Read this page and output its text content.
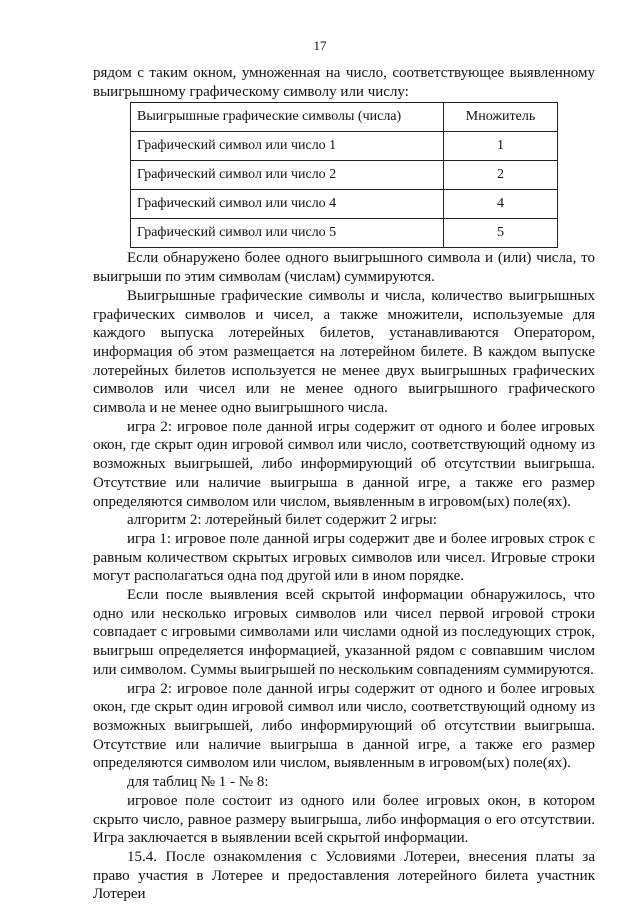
17

рядом с таким окном, умноженная на число, соответствующее выявленному выигрышному графическому символу или числу:

Выигрышные графические символы (числа)	Множитель
Графический символ или число 1	1
Графический символ или число 2	2
Графический символ или число 4	4
Графический символ или число 5	5

Если обнаружено более одного выигрышного символа и (или) числа, то выигрыши по этим символам (числам) суммируются.

Выигрышные графические символы и числа, количество выигрышных графических символов и чисел, а также множители, используемые для каждого выпуска лотерейных билетов, устанавливаются Оператором, информация об этом размещается на лотерейном билете. В каждом выпуске лотерейных билетов используется не менее двух выигрышных графических символов или чисел или не менее одного выигрышного графического символа и не менее одно выигрышного числа.

игра 2: игровое поле данной игры содержит от одного и более игровых окон, где скрыт один игровой символ или число, соответствующий одному из возможных выигрышей, либо информирующий об отсутствии выигрыша. Отсутствие или наличие выигрыша в данной игре, а также его размер определяются символом или числом, выявленным в игровом(ых) поле(ях).

алгоритм 2: лотерейный билет содержит 2 игры:

игра 1: игровое поле данной игры содержит две и более игровых строк с равным количеством скрытых игровых символов или чисел. Игровые строки могут располагаться одна под другой или в ином порядке.

Если после выявления всей скрытой информации обнаружилось, что одно или несколько игровых символов или чисел первой игровой строки совпадает с игровыми символами или числами одной из последующих строк, выигрыш определяется информацией, указанной рядом с совпавшим числом или символом. Суммы выигрышей по нескольким совпадениям суммируются.

игра 2: игровое поле данной игры содержит от одного и более игровых окон, где скрыт один игровой символ или число, соответствующий одному из возможных выигрышей, либо информирующий об отсутствии выигрыша. Отсутствие или наличие выигрыша в данной игре, а также его размер определяются символом или числом, выявленным в игровом(ых) поле(ях).

для таблиц № 1 - № 8:

игровое поле состоит из одного или более игровых окон, в котором скрыто число, равное размеру выигрыша, либо информация о его отсутствии. Игра заключается в выявлении всей скрытой информации.

15.4. После ознакомления с Условиями Лотереи, внесения платы за право участия в Лотерее и предоставления лотерейного билета участник Лотереи
